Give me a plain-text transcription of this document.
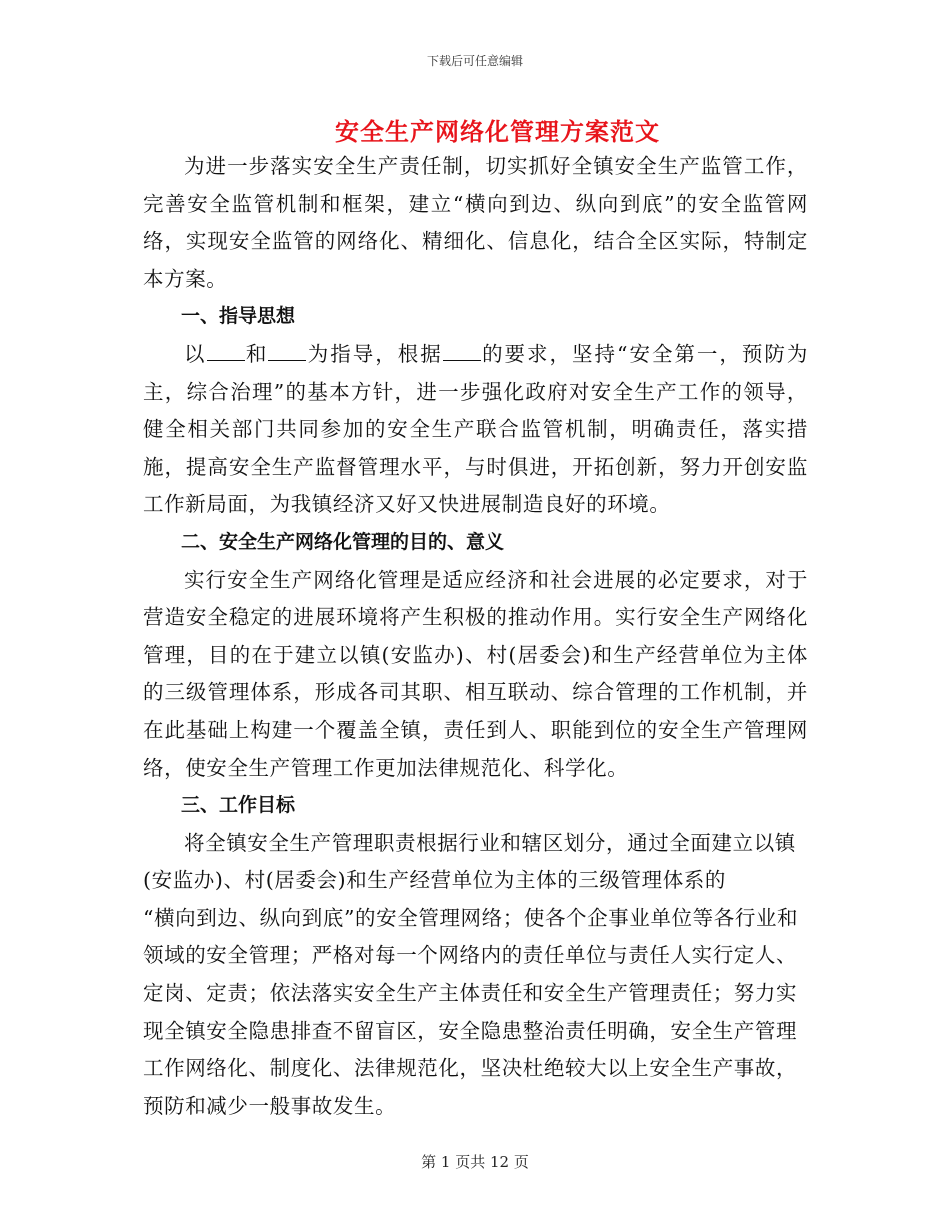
下载后可任意编辑
安全生产网络化管理方案范文

为进一步落实安全生产责任制，切实抓好全镇安全生产监管工作，完善安全监管机制和框架，建立“横向到边、纵向到底”的安全监管网络，实现安全监管的网络化、精细化、信息化，结合全区实际，特制定本方案。

一、指导思想

以 和 为指导，根据 的要求，坚持“安全第一，预防为主，综合治理”的基本方针，进一步强化政府对安全生产工作的领导，健全相关部门共同参加的安全生产联合监管机制，明确责任，落实措施，提高安全生产监督管理水平，与时俱进，开拓创新，努力开创安监工作新局面，为我镇经济又好又快进展制造良好的环境。

二、安全生产网络化管理的目的、意义

实行安全生产网络化管理是适应经济和社会进展的必定要求，对于营造安全稳定的进展环境将产生积极的推动作用。实行安全生产网络化管理，目的在于建立以镇(安监办)、村(居委会)和生产经营单位为主体的三级管理体系，形成各司其职、相互联动、综合管理的工作机制，并在此基础上构建一个覆盖全镇，责任到人、职能到位的安全生产管理网络，使安全生产管理工作更加法律规范化、科学化。

三、工作目标

将全镇安全生产管理职责根据行业和辖区划分，通过全面建立以镇(安监办)、村(居委会)和生产经营单位为主体的三级管理体系的
“横向到边、纵向到底”的安全管理网络；使各个企事业单位等各行业和领域的安全管理；严格对每一个网络内的责任单位与责任人实行定人、定岗、定责；依法落实安全生产主体责任和安全生产管理责任；努力实现全镇安全隐患排查不留盲区，安全隐患整治责任明确，安全生产管理工作网络化、制度化、法律规范化，坚决杜绝较大以上安全生产事故，预防和减少一般事故发生。

第 1 页共 12 页
